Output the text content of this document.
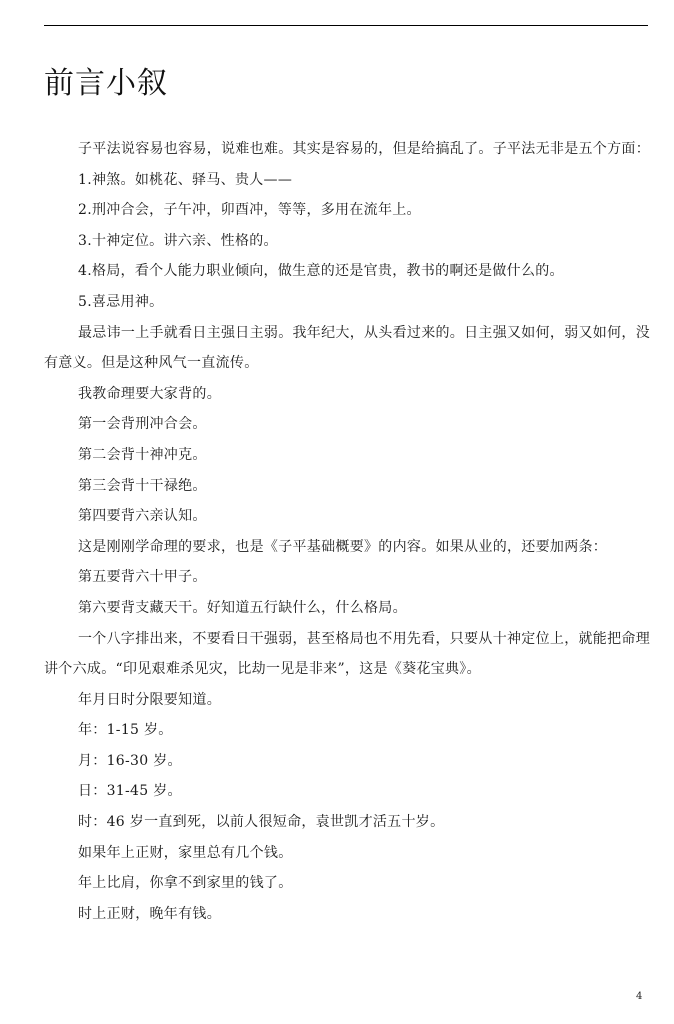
前言小叙

子平法说容易也容易，说难也难。其实是容易的，但是给搞乱了。子平法无非是五个方面：

1.神煞。如桃花、驿马、贵人——

2.刑冲合会，子午冲，卯酉冲，等等，多用在流年上。

3.十神定位。讲六亲、性格的。

4.格局，看个人能力职业倾向，做生意的还是官贵，教书的啊还是做什么的。

5.喜忌用神。

最忌讳一上手就看日主强日主弱。我年纪大，从头看过来的。日主强又如何，弱又如何，没有意义。但是这种风气一直流传。

我教命理要大家背的。

第一会背刑冲合会。

第二会背十神冲克。

第三会背十干禄绝。

第四要背六亲认知。

这是刚刚学命理的要求，也是《子平基础概要》的内容。如果从业的，还要加两条：

第五要背六十甲子。

第六要背支藏天干。好知道五行缺什么，什么格局。

一个八字排出来，不要看日干强弱，甚至格局也不用先看，只要从十神定位上，就能把命理讲个六成。“印见艰难杀见灾，比劫一见是非来”，这是《葵花宝典》。

年月日时分限要知道。

年：1-15 岁。

月：16-30 岁。

日：31-45 岁。

时：46 岁一直到死，以前人很短命，袁世凯才活五十岁。

如果年上正财，家里总有几个钱。

年上比肩，你拿不到家里的钱了。

时上正财，晚年有钱。

4
